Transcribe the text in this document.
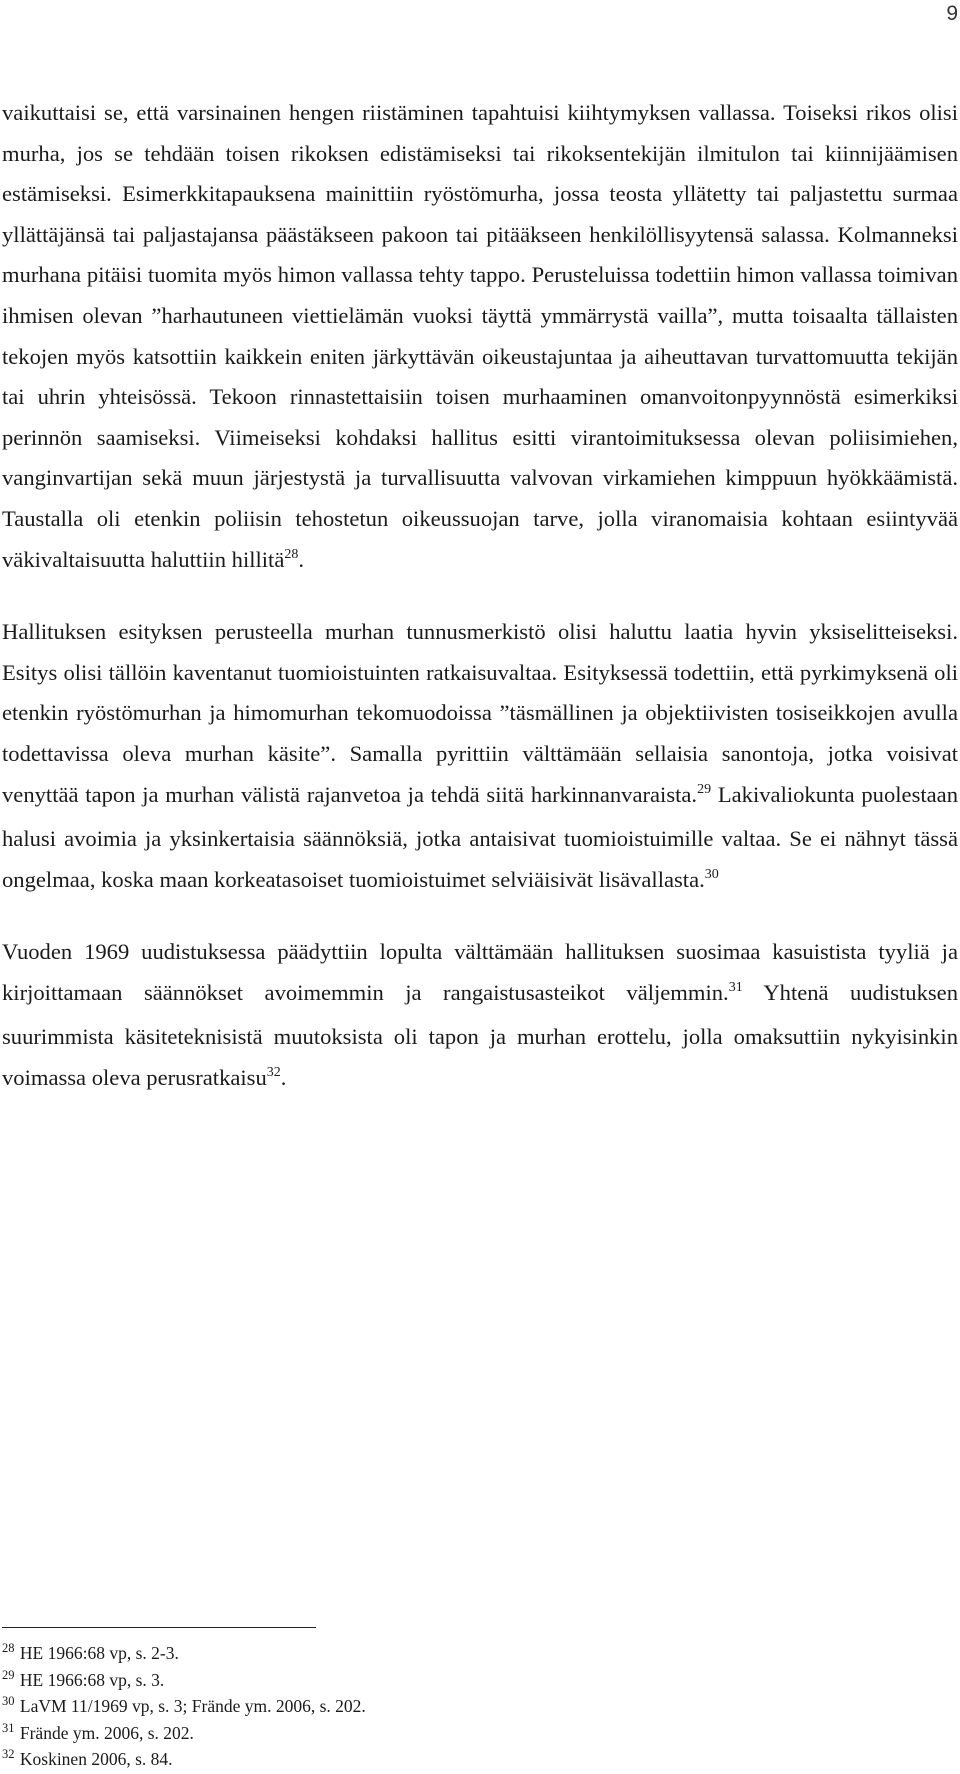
9

vaikuttaisi se, että varsinainen hengen riistäminen tapahtuisi kiihtymyksen vallassa. Toiseksi rikos olisi murha, jos se tehdään toisen rikoksen edistämiseksi tai rikoksentekijän ilmitulon tai kiinnijäämisen estämiseksi. Esimerkkitapauksena mainittiin ryöstömurha, jossa teosta yllätetty tai paljastettu surmaa yllättäjänsä tai paljastajansa päästäkseen pakoon tai pitääkseen henkilöllisyytensä salassa. Kolmanneksi murhana pitäisi tuomita myös himon vallassa tehty tappo. Perusteluissa todettiin himon vallassa toimivan ihmisen olevan ”harhautuneen viettielämän vuoksi täyttä ymmärrystä vailla”, mutta toisaalta tällaisten tekojen myös katsottiin kaikkein eniten järkyttävän oikeustajuntaa ja aiheuttavan turvattomuutta tekijän tai uhrin yhteisössä. Tekoon rinnastettaisiin toisen murhaaminen omanvoitonpyynnöstä esimerkiksi perinnön saamiseksi. Viimeiseksi kohdaksi hallitus esitti virantoimituksessa olevan poliisimiehen, vanginvartijan sekä muun järjestystä ja turvallisuutta valvovan virkamiehen kimppuun hyökkäämistä. Taustalla oli etenkin poliisin tehostetun oikeussuojan tarve, jolla viranomaisia kohtaan esiintyvää väkivaltaisuutta haluttiin hillitä$^{28}$.

Hallituksen esityksen perusteella murhan tunnusmerkistö olisi haluttu laatia hyvin yksiselitteiseksi. Esitys olisi tällöin kaventanut tuomioistuinten ratkaisuvaltaa. Esityksessä todettiin, että pyrkimyksenä oli etenkin ryöstömurhan ja himomurhan tekomuodoissa ”täsmällinen ja objektiivisten tosiseikkojen avulla todettavissa oleva murhan käsite”. Samalla pyrittiin välttämään sellaisia sanontoja, jotka voisivat venyttää tapon ja murhan välistä rajanvetoa ja tehdä siitä harkinnanvaraista.$^{29}$ Lakivaliokunta puolestaan halusi avoimia ja yksinkertaisia säännöksiä, jotka antaisivat tuomioistuimille valtaa. Se ei nähnyt tässä ongelmaa, koska maan korkeatasoiset tuomioistuimet selviäisivät lisävallasta.$^{30}$

Vuoden 1969 uudistuksessa päädyttiin lopulta välttämään hallituksen suosimaa kasuistista tyyliä ja kirjoittamaan säännökset avoimemmin ja rangaistusasteikot väljemmin.$^{31}$ Yhtenä uudistuksen suurimmista käsiteteknisistä muutoksista oli tapon ja murhan erottelu, jolla omaksuttiin nykyisinkin voimassa oleva perusratkaisu$^{32}$.

$^{28}$ HE 1966:68 vp, s. 2-3.
$^{29}$ HE 1966:68 vp, s. 3.
$^{30}$ LaVM 11/1969 vp, s. 3; Frände ym. 2006, s. 202.
$^{31}$ Frände ym. 2006, s. 202.
$^{32}$ Koskinen 2006, s. 84.
